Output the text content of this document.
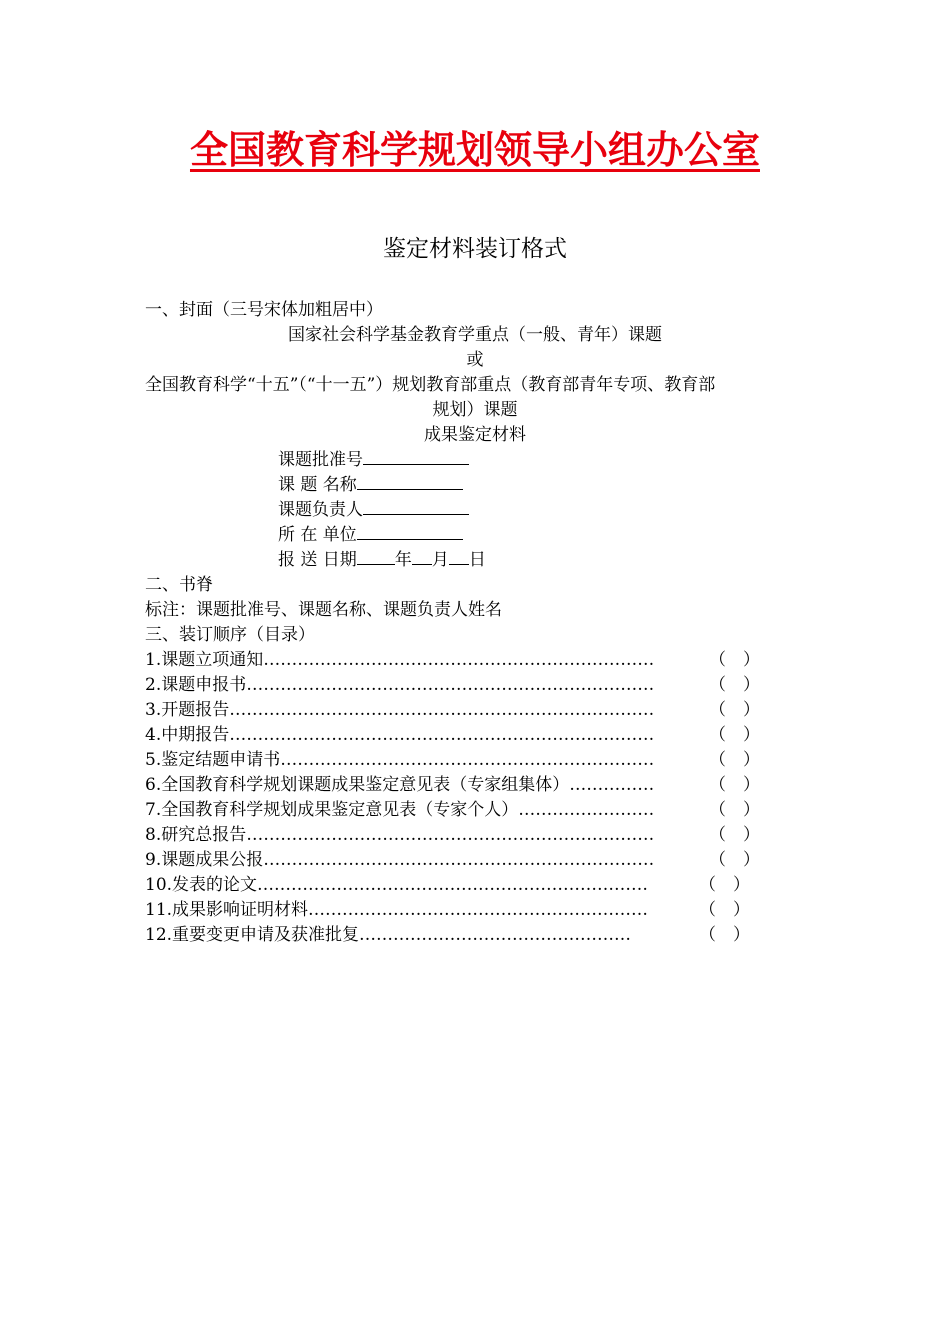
全国教育科学规划领导小组办公室
鉴定材料装订格式
一、封面（三号宋体加粗居中）
国家社会科学基金教育学重点（一般、青年）课题
或
全国教育科学“十五”（“十一五”）规划教育部重点（教育部青年专项、教育部
规划）课题
成果鉴定材料
课题批准号
课 题 名称
课题负责人
所 在 单位
报 送 日期 年 月 日
二、书脊
标注：课题批准号、课题名称、课题负责人姓名
三、装订顺序（目录）
1.课题立项通知……………………………………………………………	（　）
2.课题申报书………………………………………………………………	（　）
3.开题报告…………………………………………………………………	（　）
4.中期报告…………………………………………………………………	（　）
5.鉴定结题申请书…………………………………………………………	（　）
6.全国教育科学规划课题成果鉴定意见表（专家组集体）……………	（　）
7.全国教育科学规划成果鉴定意见表（专家个人）……………………	（　）
8.研究总报告………………………………………………………………	（　）
9.课题成果公报……………………………………………………………	（　）
10.发表的论文……………………………………………………………	（　）
11.成果影响证明材料……………………………………………………	（　）
12.重要变更申请及获准批复…………………………………………	（　）
